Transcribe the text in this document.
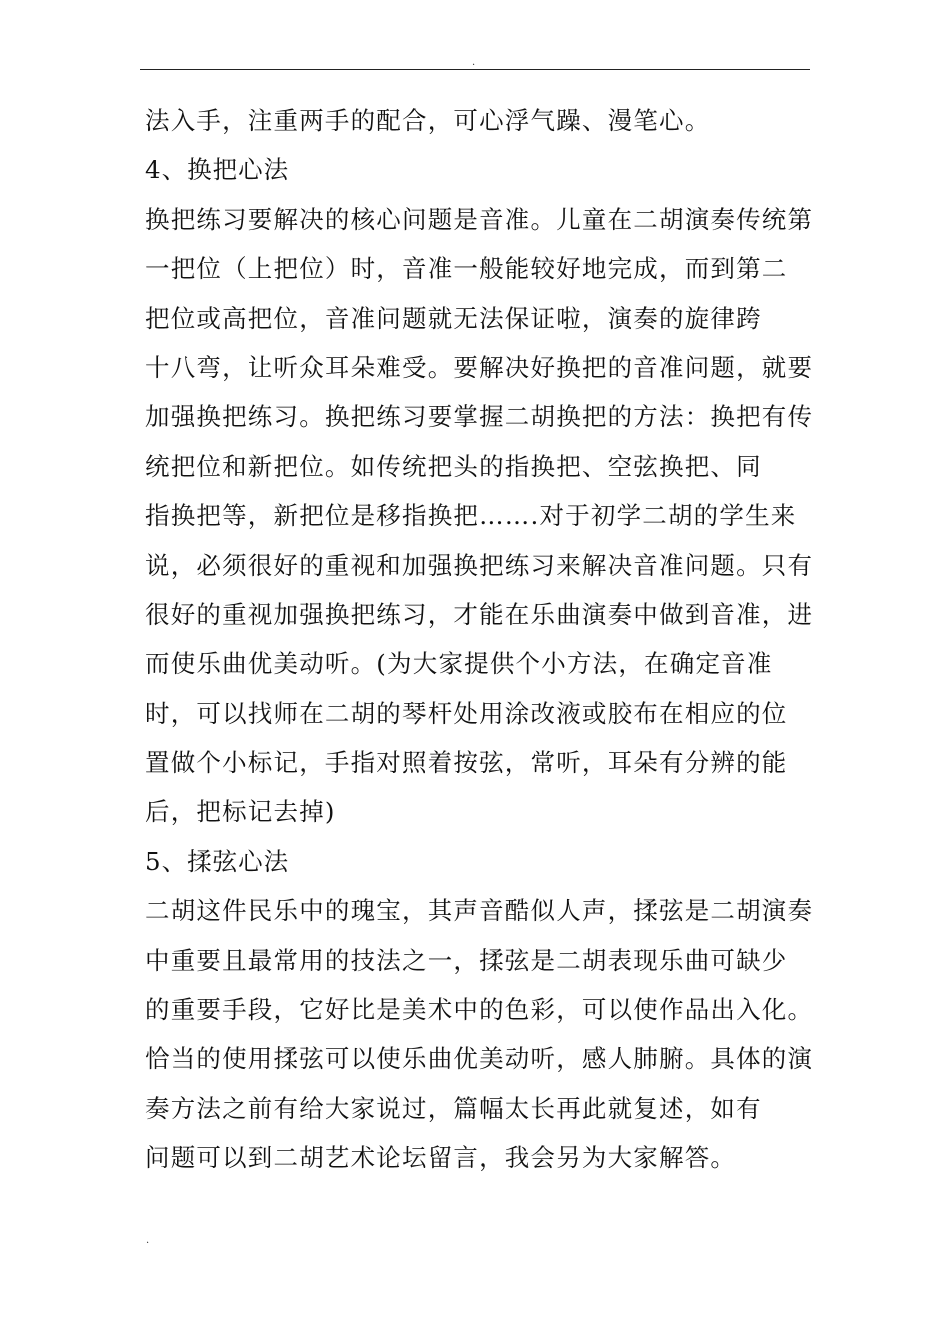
.
法入手，注重两手的配合，可心浮气躁、漫笔心。
4、换把心法
换把练习要解决的核心问题是音准。儿童在二胡演奏传统第
一把位（上把位）时，音准一般能较好地完成，而到第二
把位或高把位，音准问题就无法保证啦，演奏的旋律跨
十八弯，让听众耳朵难受。要解决好换把的音准问题，就要
加强换把练习。换把练习要掌握二胡换把的方法：换把有传
统把位和新把位。如传统把头的指换把、空弦换把、同
指换把等，新把位是移指换把…….对于初学二胡的学生来
说，必须很好的重视和加强换把练习来解决音准问题。只有
很好的重视加强换把练习，才能在乐曲演奏中做到音准，进
而使乐曲优美动听。(为大家提供个小方法，在确定音准
时，可以找师在二胡的琴杆处用涂改液或胶布在相应的位
置做个小标记，手指对照着按弦，常听，耳朵有分辨的能
后，把标记去掉)
5、揉弦心法
二胡这件民乐中的瑰宝，其声音酷似人声，揉弦是二胡演奏
中重要且最常用的技法之一，揉弦是二胡表现乐曲可缺少
的重要手段，它好比是美术中的色彩，可以使作品出入化。
恰当的使用揉弦可以使乐曲优美动听，感人肺腑。具体的演
奏方法之前有给大家说过，篇幅太长再此就复述，如有
问题可以到二胡艺术论坛留言，我会另为大家解答。
.
